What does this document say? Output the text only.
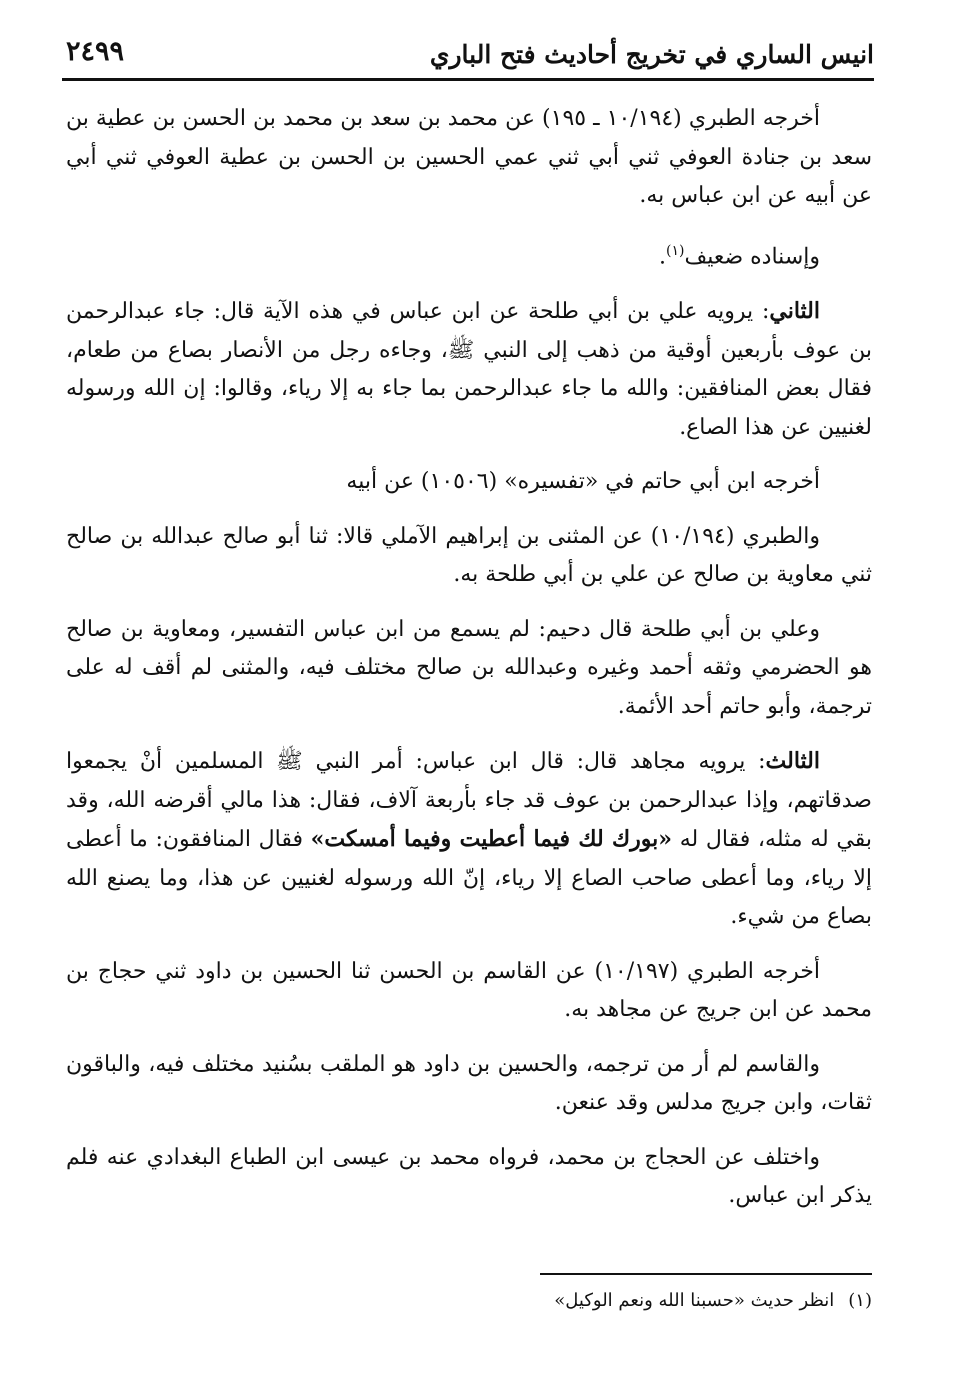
انيس الساري في تخريج أحاديث فتح الباري
٢٤٩٩

أخرجه الطبري (١٠/١٩٤ ـ ١٩٥) عن محمد بن سعد بن محمد بن الحسن بن عطية بن سعد بن جنادة العوفي ثني أبي ثني عمي الحسين بن الحسن بن عطية العوفي ثني أبي عن أبيه عن ابن عباس به.

وإسناده ضعيف$^{(١)}$.

الثاني: يرويه علي بن أبي طلحة عن ابن عباس في هذه الآية قال: جاء عبدالرحمن بن عوف بأربعين أوقية من ذهب إلى النبي ﷺ، وجاءه رجل من الأنصار بصاع من طعام، فقال بعض المنافقين: والله ما جاء عبدالرحمن بما جاء به إلا رياء، وقالوا: إن الله ورسوله لغنيين عن هذا الصاع.

أخرجه ابن أبي حاتم في «تفسيره» (١٠٥٠٦) عن أبيه

والطبري (١٠/١٩٤) عن المثنى بن إبراهيم الآملي قالا: ثنا أبو صالح عبدالله بن صالح ثني معاوية بن صالح عن علي بن أبي طلحة به.

وعلي بن أبي طلحة قال دحيم: لم يسمع من ابن عباس التفسير، ومعاوية بن صالح هو الحضرمي وثقه أحمد وغيره وعبدالله بن صالح مختلف فيه، والمثنى لم أقف له على ترجمة، وأبو حاتم أحد الأئمة.

الثالث: يرويه مجاهد قال: قال ابن عباس: أمر النبي ﷺ المسلمين أنْ يجمعوا صدقاتهم، وإذا عبدالرحمن بن عوف قد جاء بأربعة آلاف، فقال: هذا مالي أقرضه الله، وقد بقي له مثله، فقال له «بورك لك فيما أعطيت وفيما أمسكت» فقال المنافقون: ما أعطى إلا رياء، وما أعطى صاحب الصاع إلا رياء، إنّ الله ورسوله لغنيين عن هذا، وما يصنع الله بصاع من شيء.

أخرجه الطبري (١٠/١٩٧) عن القاسم بن الحسن ثنا الحسين بن داود ثني حجاج بن محمد عن ابن جريج عن مجاهد به.

والقاسم لم أر من ترجمه، والحسين بن داود هو الملقب بسُنيد مختلف فيه، والباقون ثقات، وابن جريج مدلس وقد عنعن.

واختلف عن الحجاج بن محمد، فرواه محمد بن عيسى ابن الطباع البغدادي عنه فلم يذكر ابن عباس.

(١)انظر حديث «حسبنا الله ونعم الوكيل»
